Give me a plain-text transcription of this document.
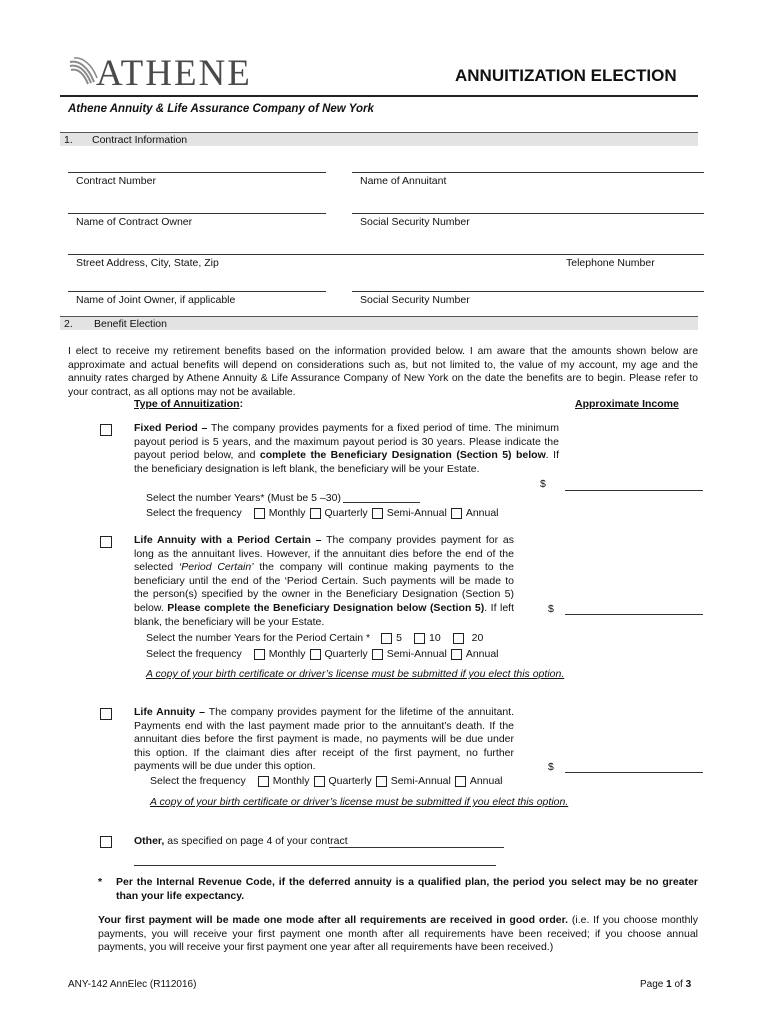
ATHENE	ANNUITIZATION ELECTION
Athene Annuity & Life Assurance Company of New York
1. Contract Information
Contract Number	Name of Annuitant
Name of Contract Owner	Social Security Number
Street Address, City, State, Zip	Telephone Number
Name of Joint Owner, if applicable	Social Security Number
2. Benefit Election
I elect to receive my retirement benefits based on the information provided below. I am aware that the amounts shown below are approximate and actual benefits will depend on considerations such as, but not limited to, the value of my account, my age and the annuity rates charged by Athene Annuity & Life Assurance Company of New York on the date the benefits are to begin. Please refer to your contract, as all options may not be available.
Type of Annuitization:	Approximate Income
Fixed Period – The company provides payments for a fixed period of time. The minimum payout period is 5 years, and the maximum payout period is 30 years. Please indicate the payout period below, and complete the Beneficiary Designation (Section 5) below. If the beneficiary designation is left blank, the beneficiary will be your Estate.
$
Select the number Years* (Must be 5 –30)
Select the frequency	Monthly Quarterly Semi-Annual Annual
Life Annuity with a Period Certain – The company provides payment for as long as the annuitant lives. However, if the annuitant dies before the end of the selected ‘Period Certain’ the company will continue making payments to the beneficiary until the end of the ‘Period Certain. Such payments will be made to the person(s) specified by the owner in the Beneficiary Designation (Section 5) below. Please complete the Beneficiary Designation below (Section 5). If left blank, the beneficiary will be your Estate.
$
Select the number Years for the Period Certain * 5	10	20
Select the frequency	Monthly Quarterly Semi-Annual Annual
A copy of your birth certificate or driver’s license must be submitted if you elect this option.
Life Annuity – The company provides payment for the lifetime of the annuitant. Payments end with the last payment made prior to the annuitant’s death. If the annuitant dies before the first payment is made, no payments will be due under this option. If the claimant dies after receipt of the first payment, no further payments will be due under this option.	$
Select the frequency	Monthly Quarterly Semi-Annual Annual
A copy of your birth certificate or driver’s license must be submitted if you elect this option.
Other, as specified on page 4 of your contract
* Per the Internal Revenue Code, if the deferred annuity is a qualified plan, the period you select may be no greater than your life expectancy.
Your first payment will be made one mode after all requirements are received in good order. (i.e. If you choose monthly payments, you will receive your first payment one month after all requirements have been received; if you choose annual payments, you will receive your first payment one year after all requirements have been received.)
ANY-142 AnnElec (R112016)	Page 1 of 3
